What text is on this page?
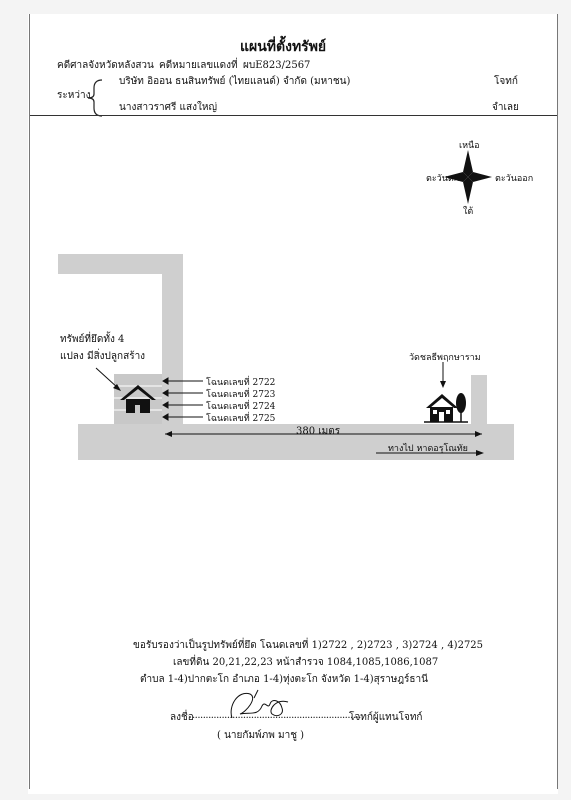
แผนที่ตั้งทรัพย์
คดีศาลจังหวัดหลังสวน คดีหมายเลขแดงที่ ผบE823/2567
ระหว่าง
บริษัท อิออน ธนสินทรัพย์ (ไทยแลนด์) จำกัด (มหาชน)	โจทก์
นางสาวราศรี แสงใหญ่	จำเลย
เหนือ
ใต้
ตะวันตก	ตะวันออก
ทรัพย์ที่ยึดทั้ง 4
แปลง มีสิ่งปลูกสร้าง
โฉนดเลขที่ 2722
โฉนดเลขที่ 2723
โฉนดเลขที่ 2724
โฉนดเลขที่ 2725
380 เมตร
วัดชลธีพฤกษาราม
ทางไป หาดอรุโณทัย
ขอรับรองว่าเป็นรูปทรัพย์ที่ยึด โฉนดเลขที่ 1)2722 , 2)2723 , 3)2724 , 4)2725
เลขที่ดิน 20,21,22,23 หน้าสำรวจ 1084,1085,1086,1087
ตำบล 1-4)ปากตะโก อำเภอ 1-4)ทุ่งตะโก จังหวัด 1-4)สุราษฎร์ธานี
ลงชื่อ
...............................................................
โจทก์ผู้แทนโจทก์
( นายกัมพ์ภพ มาชู )
